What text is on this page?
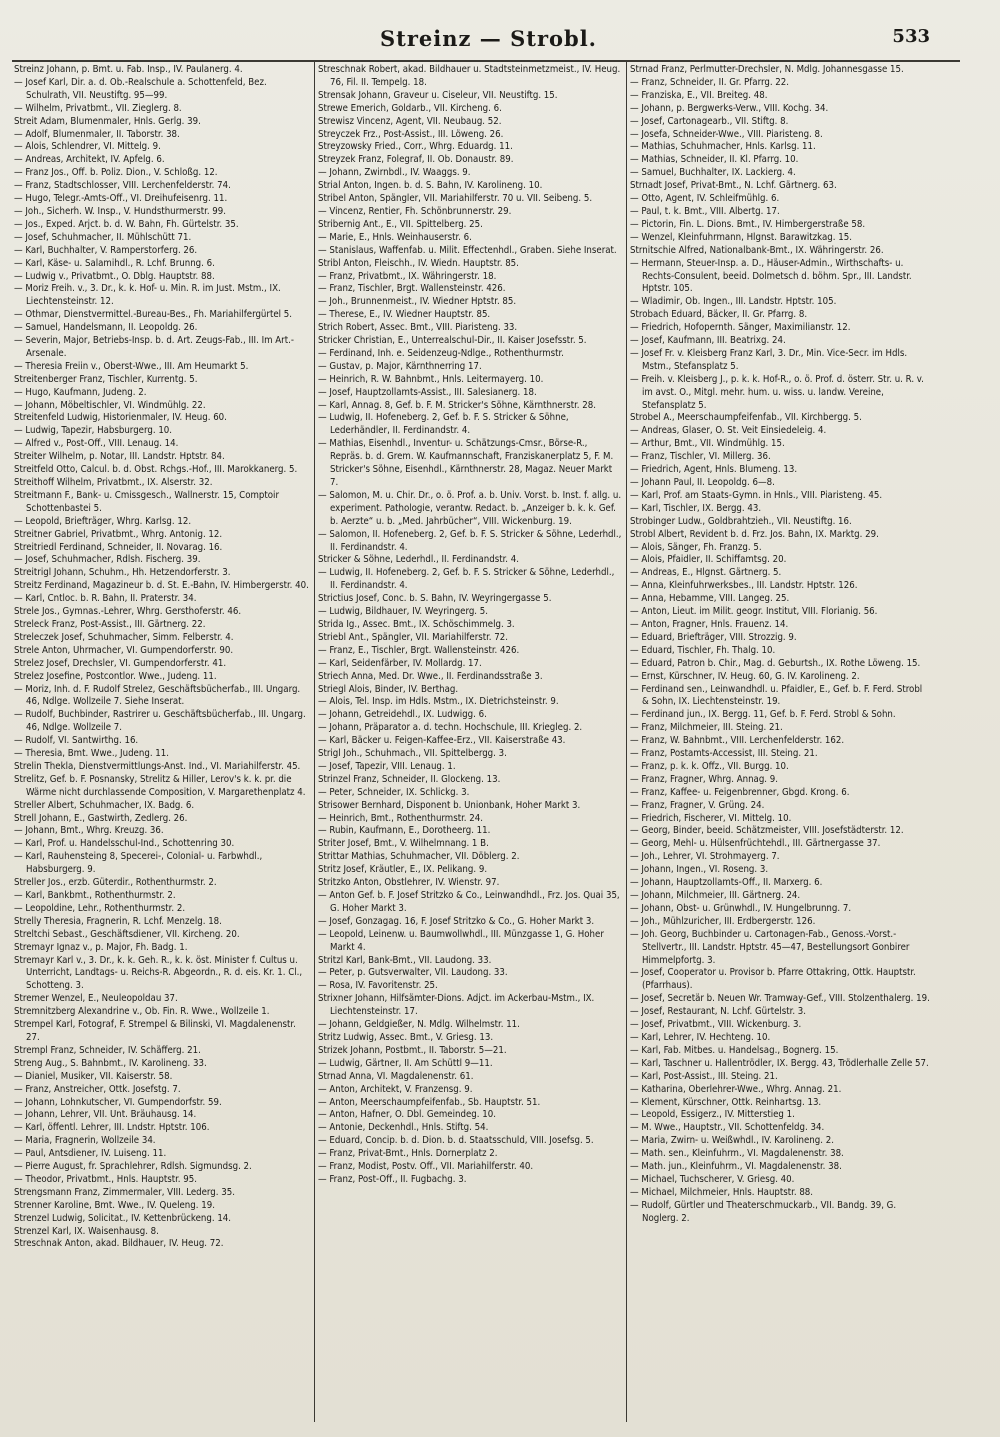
Streinz — Strobl.	533

Streinz Johann, p. Bmt. u. Fab. Insp., IV. Paulanerg. 4.

— Josef Karl, Dir. a. d. Ob.-Realschule a. Schottenfeld, Bez. Schulrath, VII. Neustiftg. 95—99.

— Wilhelm, Privatbmt., VII. Zieglerg. 8.

Streit Adam, Blumenmaler, Hnls. Gerlg. 39.

— Adolf, Blumenmaler, II. Taborstr. 38.

— Alois, Schlendrer, VI. Mittelg. 9.

— Andreas, Architekt, IV. Apfelg. 6.

— Franz Jos., Off. b. Poliz. Dion., V. Schloßg. 12.

— Franz, Stadtschlosser, VIII. Lerchenfelderstr. 74.

— Hugo, Telegr.-Amts-Off., VI. Dreihufeisenrg. 11.

— Joh., Sicherh. W. Insp., V. Hundsthurmerstr. 99.

— Jos., Exped. Arjct. b. d. W. Bahn, Fh. Gürtelstr. 35.

— Josef, Schuhmacher, II. Mühlschütt 71.

— Karl, Buchhalter, V. Ramperstorferg. 26.

— Karl, Käse- u. Salamihdl., R. Lchf. Brunng. 6.

— Ludwig v., Privatbmt., O. Dblg. Hauptstr. 88.

— Moriz Freih. v., 3. Dr., k. k. Hof- u. Min. R. im Just. Mstm., IX. Liechtensteinstr. 12.

— Othmar, Dienstvermittel.-Bureau-Bes., Fh. Mariahilfergürtel 5.

— Samuel, Handelsmann, II. Leopoldg. 26.

— Severin, Major, Betriebs-Insp. b. d. Art. Zeugs-Fab., III. Im Art.-Arsenale.

— Theresia Freiin v., Oberst-Wwe., III. Am Heumarkt 5.

Streitenberger Franz, Tischler, Kurrentg. 5.

— Hugo, Kaufmann, Judeng. 2.

— Johann, Möbeltischler, VI. Windmühlg. 22.

Streitenfeld Ludwig, Historienmaler, IV. Heug. 60.

— Ludwig, Tapezir, Habsburgerg. 10.

— Alfred v., Post-Off., VIII. Lenaug. 14.

Streiter Wilhelm, p. Notar, III. Landstr. Hptstr. 84.

Streitfeld Otto, Calcul. b. d. Obst. Rchgs.-Hof., III. Marokkanerg. 5.

Streithoff Wilhelm, Privatbmt., IX. Alserstr. 32.

Streitmann F., Bank- u. Cmissgesch., Wallnerstr. 15, Comptoir Schottenbastei 5.

— Leopold, Briefträger, Whrg. Karlsg. 12.

Streitner Gabriel, Privatbmt., Whrg. Antonig. 12.

Streitriedl Ferdinand, Schneider, II. Novarag. 16.

— Josef, Schuhmacher, Rdlsh. Fischerg. 39.

Streitrigl Johann, Schuhm., Hh. Hetzendorferstr. 3.

Streitz Ferdinand, Magazineur b. d. St. E.-Bahn, IV. Himbergerstr. 40.

— Karl, Cntloc. b. R. Bahn, II. Praterstr. 34.

Strele Jos., Gymnas.-Lehrer, Whrg. Gersthoferstr. 46.

Streleck Franz, Post-Assist., III. Gärtnerg. 22.

Streleczek Josef, Schuhmacher, Simm. Felberstr. 4.

Strele Anton, Uhrmacher, VI. Gumpendorferstr. 90.

Strelez Josef, Drechsler, VI. Gumpendorferstr. 41.

Strelez Josefine, Postcontlor. Wwe., Judeng. 11.

— Moriz, Inh. d. F. Rudolf Strelez, Geschäftsbücherfab., III. Ungarg. 46, Ndlge. Wollzeile 7. Siehe Inserat.

— Rudolf, Buchbinder, Rastrirer u. Geschäftsbücherfab., III. Ungarg. 46, Ndlge. Wollzeile 7.

— Rudolf, VI. Santwirthg. 16.

— Theresia, Bmt. Wwe., Judeng. 11.

Strelin Thekla, Dienstvermittlungs-Anst. Ind., VI. Mariahilferstr. 45.

Strelitz, Gef. b. F. Posnansky, Strelitz & Hiller, Lerov's k. k. pr. die Wärme nicht durchlassende Composition, V. Margarethenplatz 4.

Streller Albert, Schuhmacher, IX. Badg. 6.

Strell Johann, E., Gastwirth, Zedlerg. 26.

— Johann, Bmt., Whrg. Kreuzg. 36.

— Karl, Prof. u. Handelsschul-Ind., Schottenring 30.

— Karl, Rauhensteing 8, Specerei-, Colonial- u. Farbwhdl., Habsburgerg. 9.

Streller Jos., erzb. Güterdir., Rothenthurmstr. 2.

— Karl, Bankbmt., Rothenthurmstr. 2.

— Leopoldine, Lehr., Rothenthurmstr. 2.

Strelly Theresia, Fragnerin, R. Lchf. Menzelg. 18.

Streltchi Sebast., Geschäftsdiener, VII. Kircheng. 20.

Stremayr Ignaz v., p. Major, Fh. Badg. 1.

Stremayr Karl v., 3. Dr., k. k. Geh. R., k. k. öst. Minister f. Cultus u. Unterricht, Landtags- u. Reichs-R. Abgeordn., R. d. eis. Kr. 1. Cl., Schotteng. 3.

Stremer Wenzel, E., Neuleopoldau 37.

Stremnitzberg Alexandrine v., Ob. Fin. R. Wwe., Wollzeile 1.

Strempel Karl, Fotograf, F. Strempel & Bilinski, VI. Magdalenenstr. 27.

Strempl Franz, Schneider, IV. Schäfferg. 21.

Streng Aug., S. Bahnbmt., IV. Karolineng. 33.

— Dianiel, Musiker, VII. Kaiserstr. 58.

— Franz, Anstreicher, Ottk. Josefstg. 7.

— Johann, Lohnkutscher, VI. Gumpendorfstr. 59.

— Johann, Lehrer, VII. Unt. Bräuhausg. 14.

— Karl, öffentl. Lehrer, III. Lndstr. Hptstr. 106.

— Maria, Fragnerin, Wollzeile 34.

— Paul, Antsdiener, IV. Luiseng. 11.

— Pierre August, fr. Sprachlehrer, Rdlsh. Sigmundsg. 2.

— Theodor, Privatbmt., Hnls. Hauptstr. 95.

Strengsmann Franz, Zimmermaler, VIII. Lederg. 35.

Strenner Karoline, Bmt. Wwe., IV. Queleng. 19.

Strenzel Ludwig, Solicitat., IV. Kettenbrückeng. 14.

Strenzel Karl, IX. Waisenhausg. 8.

Streschnak Anton, akad. Bildhauer, IV. Heug. 72.

Streschnak Robert, akad. Bildhauer u. Stadtsteinmetzmeist., IV. Heug. 76, Fil. II. Tempelg. 18.

Strensak Johann, Graveur u. Ciseleur, VII. Neustiftg. 15.

Strewe Emerich, Goldarb., VII. Kircheng. 6.

Strewisz Vincenz, Agent, VII. Neubaug. 52.

Streyczek Frz., Post-Assist., III. Löweng. 26.

Streyzowsky Fried., Corr., Whrg. Eduardg. 11.

Streyzek Franz, Folegraf, II. Ob. Donaustr. 89.

— Johann, Zwirnbdl., IV. Waaggs. 9.

Strial Anton, Ingen. b. d. S. Bahn, IV. Karolineng. 10.

Stribel Anton, Spängler, VII. Mariahilferstr. 70 u. VII. Seibeng. 5.

— Vincenz, Rentier, Fh. Schönbrunnerstr. 29.

Stribernig Ant., E., VII. Spittelberg. 25.

— Marie, E., Hnls. Weinhauserstr. 6.

— Stanislaus, Waffenfab. u. Milit. Effectenhdl., Graben. Siehe Inserat.

Stribl Anton, Fleischh., IV. Wiedn. Hauptstr. 85.

— Franz, Privatbmt., IX. Währingerstr. 18.

— Franz, Tischler, Brgt. Wallensteinstr. 426.

— Joh., Brunnenmeist., IV. Wiedner Hptstr. 85.

— Therese, E., IV. Wiedner Hauptstr. 85.

Strich Robert, Assec. Bmt., VIII. Piaristeng. 33.

Stricker Christian, E., Unterrealschul-Dir., II. Kaiser Josefsstr. 5.

— Ferdinand, Inh. e. Seidenzeug-Ndlge., Rothenthurmstr.

— Gustav, p. Major, Kärnthnerring 17.

— Heinrich, R. W. Bahnbmt., Hnls. Leitermayerg. 10.

— Josef, Hauptzollamts-Assist., III. Salesianerg. 18.

— Karl, Annag. 8, Gef. b. F. M. Stricker's Söhne, Kärnthnerstr. 28.

— Ludwig, II. Hofeneberg. 2, Gef. b. F. S. Stricker & Söhne, Lederhändler, II. Ferdinandstr. 4.

— Mathias, Eisenhdl., Inventur- u. Schätzungs-Cmsr., Börse-R., Repräs. b. d. Grem. W. Kaufmannschaft, Franziskanerplatz 5, F. M. Stricker's Söhne, Eisenhdl., Kärnthnerstr. 28, Magaz. Neuer Markt 7.

— Salomon, M. u. Chir. Dr., o. ö. Prof. a. b. Univ. Vorst. b. Inst. f. allg. u. experiment. Pathologie, verantw. Redact. b. „Anzeiger b. k. k. Gef. b. Aerzte“ u. b. „Med. Jahrbücher“, VIII. Wickenburg. 19.

— Salomon, II. Hofeneberg. 2, Gef. b. F. S. Stricker & Söhne, Lederhdl., II. Ferdinandstr. 4.

Stricker & Söhne, Lederhdl., II. Ferdinandstr. 4.

— Ludwig, II. Hofeneberg. 2, Gef. b. F. S. Stricker & Söhne, Lederhdl., II. Ferdinandstr. 4.

Strictius Josef, Conc. b. S. Bahn, IV. Weyringergasse 5.

— Ludwig, Bildhauer, IV. Weyringerg. 5.

Strida Ig., Assec. Bmt., IX. Schöschimmelg. 3.

Striebl Ant., Spängler, VII. Mariahilferstr. 72.

— Franz, E., Tischler, Brgt. Wallensteinstr. 426.

— Karl, Seidenfärber, IV. Mollardg. 17.

Striech Anna, Med. Dr. Wwe., II. Ferdinandsstraße 3.

Striegl Alois, Binder, IV. Berthag.

— Alois, Tel. Insp. im Hdls. Mstm., IX. Dietrichsteinstr. 9.

— Johann, Getreidehdl., IX. Ludwigg. 6.

— Johann, Präparator a. d. techn. Hochschule, III. Kriegleg. 2.

— Karl, Bäcker u. Feigen-Kaffee-Erz., VII. Kaiserstraße 43.

Strigl Joh., Schuhmach., VII. Spittelbergg. 3.

— Josef, Tapezir, VIII. Lenaug. 1.

Strinzel Franz, Schneider, II. Glockeng. 13.

— Peter, Schneider, IX. Schlickg. 3.

Strisower Bernhard, Disponent b. Unionbank, Hoher Markt 3.

— Heinrich, Bmt., Rothenthurmstr. 24.

— Rubin, Kaufmann, E., Dorotheerg. 11.

Striter Josef, Bmt., V. Wilhelmnang. 1 B.

Strittar Mathias, Schuhmacher, VII. Döblerg. 2.

Stritz Josef, Kräutler, E., IX. Pelikang. 9.

Stritzko Anton, Obstlehrer, IV. Wienstr. 97.

— Anton Gef. b. F. Josef Stritzko & Co., Leinwandhdl., Frz. Jos. Quai 35, G. Hoher Markt 3.

— Josef, Gonzagag. 16, F. Josef Stritzko & Co., G. Hoher Markt 3.

— Leopold, Leinenw. u. Baumwollwhdl., III. Münzgasse 1, G. Hoher Markt 4.

Stritzl Karl, Bank-Bmt., VII. Laudong. 33.

— Peter, p. Gutsverwalter, VII. Laudong. 33.

— Rosa, IV. Favoritenstr. 25.

Strixner Johann, Hilfsämter-Dions. Adjct. im Ackerbau-Mstm., IX. Liechtensteinstr. 17.

— Johann, Geldgießer, N. Mdlg. Wilhelmstr. 11.

Stritz Ludwig, Assec. Bmt., V. Griesg. 13.

Strizek Johann, Postbmt., II. Taborstr. 5—21.

— Ludwig, Gärtner, II. Am Schüttl 9—11.

Strnad Anna, VI. Magdalenenstr. 61.

— Anton, Architekt, V. Franzensg. 9.

— Anton, Meerschaumpfeifenfab., Sb. Hauptstr. 51.

— Anton, Hafner, O. Dbl. Gemeindeg. 10.

— Antonie, Deckenhdl., Hnls. Stiftg. 54.

— Eduard, Concip. b. d. Dion. b. d. Staatsschuld, VIII. Josefsg. 5.

— Franz, Privat-Bmt., Hnls. Dornerplatz 2.

— Franz, Modist, Postv. Off., VII. Mariahilferstr. 40.

— Franz, Post-Off., II. Fugbachg. 3.

Strnad Franz, Perlmutter-Drechsler, N. Mdlg. Johannesgasse 15.

— Franz, Schneider, II. Gr. Pfarrg. 22.

— Franziska, E., VII. Breiteg. 48.

— Johann, p. Bergwerks-Verw., VIII. Kochg. 34.

— Josef, Cartonagearb., VII. Stiftg. 8.

— Josefa, Schneider-Wwe., VIII. Piaristeng. 8.

— Mathias, Schuhmacher, Hnls. Karlsg. 11.

— Mathias, Schneider, II. Kl. Pfarrg. 10.

— Samuel, Buchhalter, IX. Lackierg. 4.

Strnadt Josef, Privat-Bmt., N. Lchf. Gärtnerg. 63.

— Otto, Agent, IV. Schleifmühlg. 6.

— Paul, t. k. Bmt., VIII. Albertg. 17.

— Pictorin, Fin. L. Dions. Bmt., IV. Himbergerstraße 58.

— Wenzel, Kleinfuhrmann, Hlgnst. Barawitzkag. 15.

Strnitschie Alfred, Nationalbank-Bmt., IX. Währingerstr. 26.

— Hermann, Steuer-Insp. a. D., Häuser-Admin., Wirthschafts- u. Rechts-Consulent, beeid. Dolmetsch d. böhm. Spr., III. Landstr. Hptstr. 105.

— Wladimir, Ob. Ingen., III. Landstr. Hptstr. 105.

Strobach Eduard, Bäcker, II. Gr. Pfarrg. 8.

— Friedrich, Hofopernth. Sänger, Maximilianstr. 12.

— Josef, Kaufmann, III. Beatrixg. 24.

— Josef Fr. v. Kleisberg Franz Karl, 3. Dr., Min. Vice-Secr. im Hdls. Mstm., Stefansplatz 5.

— Freih. v. Kleisberg J., p. k. k. Hof-R., o. ö. Prof. d. österr. Str. u. R. v. im avst. O., Mitgl. mehr. hum. u. wiss. u. landw. Vereine, Stefansplatz 5.

Strobel A., Meerschaumpfeifenfab., VII. Kirchbergg. 5.

— Andreas, Glaser, O. St. Veit Einsiedeleig. 4.

— Arthur, Bmt., VII. Windmühlg. 15.

— Franz, Tischler, VI. Millerg. 36.

— Friedrich, Agent, Hnls. Blumeng. 13.

— Johann Paul, II. Leopoldg. 6—8.

— Karl, Prof. am Staats-Gymn. in Hnls., VIII. Piaristeng. 45.

— Karl, Tischler, IX. Bergg. 43.

Strobinger Ludw., Goldbrahtzieh., VII. Neustiftg. 16.

Strobl Albert, Revident b. d. Frz. Jos. Bahn, IX. Marktg. 29.

— Alois, Sänger, Fh. Franzg. 5.

— Alois, Pfaidler, II. Schiffamtsg. 20.

— Andreas, E., Hlgnst. Gärtnerg. 5.

— Anna, Kleinfuhrwerksbes., III. Landstr. Hptstr. 126.

— Anna, Hebamme, VIII. Langeg. 25.

— Anton, Lieut. im Milit. geogr. Institut, VIII. Florianig. 56.

— Anton, Fragner, Hnls. Frauenz. 14.

— Eduard, Briefträger, VIII. Strozzig. 9.

— Eduard, Tischler, Fh. Thalg. 10.

— Eduard, Patron b. Chir., Mag. d. Geburtsh., IX. Rothe Löweng. 15.

— Ernst, Kürschner, IV. Heug. 60, G. IV. Karolineng. 2.

— Ferdinand sen., Leinwandhdl. u. Pfaidler, E., Gef. b. F. Ferd. Strobl & Sohn, IX. Liechtensteinstr. 19.

— Ferdinand jun., IX. Bergg. 11, Gef. b. F. Ferd. Strobl & Sohn.

— Franz, Milchmeier, III. Steing. 21.

— Franz, W. Bahnbmt., VIII. Lerchenfelderstr. 162.

— Franz, Postamts-Accessist, III. Steing. 21.

— Franz, p. k. k. Offz., VII. Burgg. 10.

— Franz, Fragner, Whrg. Annag. 9.

— Franz, Kaffee- u. Feigenbrenner, Gbgd. Krong. 6.

— Franz, Fragner, V. Grüng. 24.

— Friedrich, Fischerer, VI. Mittelg. 10.

— Georg, Binder, beeid. Schätzmeister, VIII. Josefstädterstr. 12.

— Georg, Mehl- u. Hülsenfrüchtehdl., III. Gärtnergasse 37.

— Joh., Lehrer, VI. Strohmayerg. 7.

— Johann, Ingen., VI. Roseng. 3.

— Johann, Hauptzollamts-Off., II. Marxerg. 6.

— Johann, Milchmeier, III. Gärtnerg. 24.

— Johann, Obst- u. Grünwhdl., IV. Hungelbrunng. 7.

— Joh., Mühlzuricher, III. Erdbergerstr. 126.

— Joh. Georg, Buchbinder u. Cartonagen-Fab., Genoss.-Vorst.-Stellvertr., III. Landstr. Hptstr. 45—47, Bestellungsort Gonbirer Himmelpfortg. 3.

— Josef, Cooperator u. Provisor b. Pfarre Ottakring, Ottk. Hauptstr. (Pfarrhaus).

— Josef, Secretär b. Neuen Wr. Tramway-Gef., VIII. Stolzenthalerg. 19.

— Josef, Restaurant, N. Lchf. Gürtelstr. 3.

— Josef, Privatbmt., VIII. Wickenburg. 3.

— Karl, Lehrer, IV. Hechteng. 10.

— Karl, Fab. Mitbes. u. Handelsag., Bognerg. 15.

— Karl, Taschner u. Hallentrödler, IX. Bergg. 43, Trödlerhalle Zelle 57.

— Karl, Post-Assist., III. Steing. 21.

— Katharina, Oberlehrer-Wwe., Whrg. Annag. 21.

— Klement, Kürschner, Ottk. Reinhartsg. 13.

— Leopold, Essigerz., IV. Mitterstieg 1.

— M. Wwe., Hauptstr., VII. Schottenfeldg. 34.

— Maria, Zwirn- u. Weißwhdl., IV. Karolineng. 2.

— Math. sen., Kleinfuhrm., VI. Magdalenenstr. 38.

— Math. jun., Kleinfuhrm., VI. Magdalenenstr. 38.

— Michael, Tuchscherer, V. Griesg. 40.

— Michael, Milchmeier, Hnls. Hauptstr. 88.

— Rudolf, Gürtler und Theaterschmuckarb., VII. Bandg. 39, G. Noglerg. 2.
